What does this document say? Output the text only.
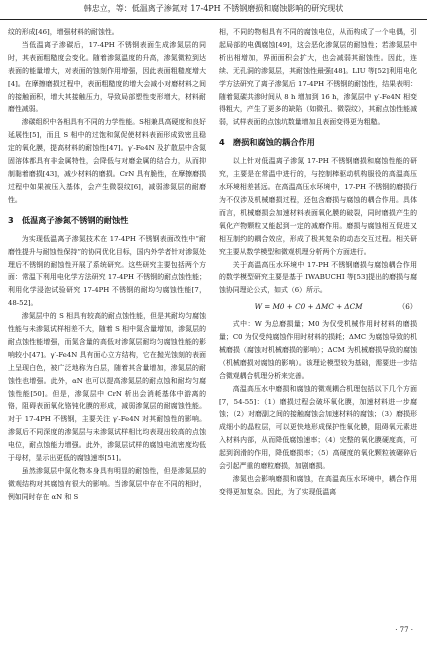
韩忠立，等：低温离子渗氮对 17-4PH 不锈钢磨损和腐蚀影响的研究现状

纹的形成[46]，增强材料的耐蚀性。

当低温离子渗碳后，17-4PH 不锈钢表面生成渗氮层的同时，其表面粗糙度会变化。随着渗氮温度的升高，渗氮微粒到达表面的能量增大，对表面的蚀刻作用增强，因此表面粗糙度增大[4]。在摩擦磨损过程中，表面粗糙度的增大会减小对磨材料之间的接触面积，增大其接触压力，导致局部塑性变形增大，材料耐磨性减弱。

渗碳组织中各相具有不同的力学性能。S相兼具高硬度和良好延展性[5]，而且 S 相中的过饱和氮促使材料表面形成致密且稳定的氧化膜，提高材料的耐蚀性[47]。γ′-Fe4N 及扩散层中含氮固溶体都具有非金属特性，会降低与对磨金属的结合力，从而抑制黏着磨损[43]，减少材料的磨损。CrN 具有脆性，在摩擦磨损过程中如果被压入基体，会产生微裂纹[6]，减弱渗氮层的耐磨性。

3　低温离子渗氮不锈钢的耐蚀性

为实现低温离子渗氮技术在 17-4PH 不锈钢表面改性中“耐磨性提升与耐蚀性保持”的协同优化目标，国内外学者针对渗氮处理后不锈钢的耐蚀性开展了系统研究。这些研究主要包括两个方面：常温下利用电化学方法研究 17-4PH 不锈钢的耐点蚀性能；利用化学浸泡试验研究 17-4PH 不锈钢的耐均匀腐蚀性能[7，48-52]。

渗氮层中的 S 相具有较高的耐点蚀性能，但是其耐均匀腐蚀性能与未渗氮试样相差不大，随着 S 相中氮含量增加，渗氮层的耐点蚀性能增强，而氮含量的高低对渗氮层耐均匀腐蚀性能的影响较小[47]。γ′-Fe4N 具有面心立方结构，它在抛光蚀刻的表面上呈现白色，被广泛地称为白层，随着其含量增加，渗氮层的耐蚀性也增强。此外，αN 也可以提高渗氮层的耐点蚀和耐均匀腐蚀性能[50]。但是，渗氮层中 CrN 析出会消耗基体中游离的铬，阻碍表面氧化铬钝化膜的形成，减弱渗氮层的耐腐蚀性能。对于 17-4PH 不锈钢，主要关注 γ′-Fe4N 对其耐蚀性的影响。渗氮后不同深度的渗氮层与未渗氮试样相比均表现出较高的点蚀电位，耐点蚀能力增强。此外，渗氮层试样的腐蚀电流密度均低于母材，显示出更低的腐蚀速率[51]。

虽然渗氮层中氮化物本身具有明显的耐蚀性，但是渗氮层的微观结构对其腐蚀有很大的影响。当渗氮层中存在不同的相时，例如同时存在 αN 和 S

相，不同的物相具有不同的腐蚀电位，从而构成了一个电偶，引起局部的电偶腐蚀[49]，这会恶化渗氮层的耐蚀性；若渗氮层中析出相增加，界面面积会扩大，也会减弱其耐蚀性。因此，连续、无孔洞的渗氮层，其耐蚀性最强[48]。LIU 等[52]利用电化学方法研究了离子渗氮后 17-4PH 不锈钢的耐蚀性，结果表明：随着氮碳共渗时间从 8 h 增加到 16 h，渗氮层中 γ′-Fe4N 相变得粗大，产生了更多的缺陷（如微孔、微裂纹），其耐点蚀性能减弱，试样表面的点蚀坑数量增加且表面变得更为粗糙。

4　磨损和腐蚀的耦合作用

以上针对低温离子渗氮 17-PH 不锈钢磨损和腐蚀性能的研究，主要是在常温中进行的，与控制棒驱动机构服役的高温高压水环境相差甚远。在高温高压水环境中，17-PH 不锈钢的磨损行为不仅涉及机械磨损过程，还包含磨损与腐蚀的耦合作用。具体而言，机械磨损会加速材料表面氧化膜的破裂，同时磨损产生的氧化产物颗粒又能起到一定的减磨作用。磨损与腐蚀相互促进又相互制约的耦合效应，形成了极其复杂的动态交互过程。相关研究主要从数学模型和微观机理分析两个方面进行。

关于高温高压水环境中 17-PH 不锈钢磨损与腐蚀耦合作用的数学模型研究主要是基于 IWABUCHI 等[53]提出的磨损与腐蚀协同理论公式，如式（6）所示。

（6）
W = M0 + C0 + ΔMC + ΔCM

式中：W 为总磨损量；M0 为仅受机械作用时材料的磨损量；C0 为仅受纯腐蚀作用时材料的损耗；ΔMC 为腐蚀导致的机械磨损（腐蚀对机械磨损的影响）；ΔCM 为机械磨损导致的腐蚀（机械磨损对腐蚀的影响）。该理论模型较为基础，需要进一步结合微观耦合机理分析来完善。

高温高压水中磨损和腐蚀的微观耦合机理包括以下几个方面[7，54-55]：（1）磨损过程会破坏氧化膜，加速材料进一步腐蚀；（2）对磨副之间的接触腐蚀会加速材料的腐蚀；（3）磨损形成细小的晶粒层，可以更快地形成保护性氧化膜，阻碍氧元素进入材料内部，从而降低腐蚀速率；（4）完整的氧化膜硬度高，可起到润滑的作用，降低磨损率；（5）高硬度的氧化颗粒被碾碎后会引起严重的磨粒磨损，加剧磨损。

渗氮也会影响磨损和腐蚀，在高温高压水环境中，耦合作用变得更加复杂。因此，为了实现低温离

· 77 ·
